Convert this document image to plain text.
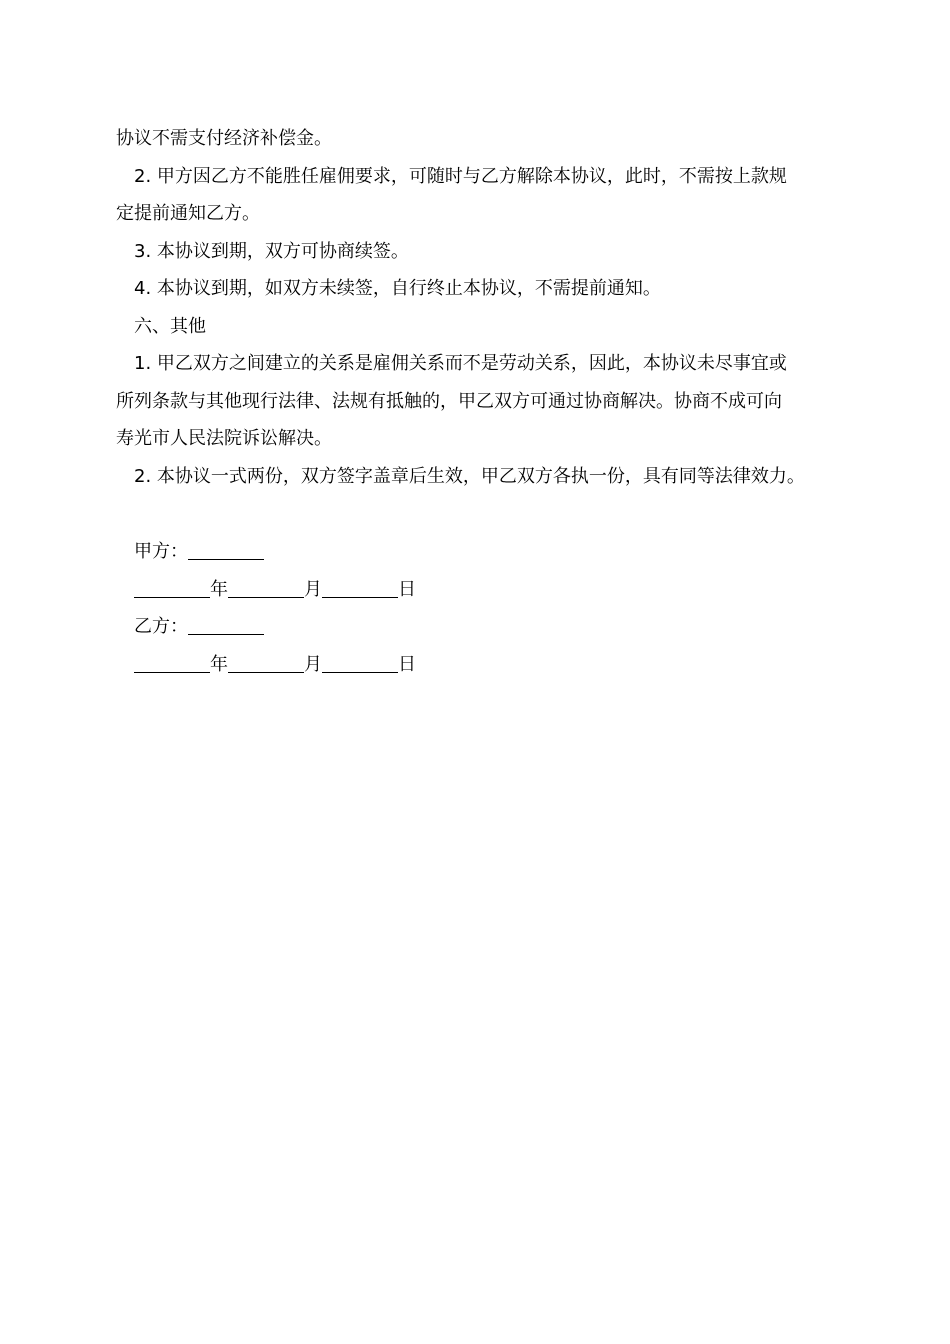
协议不需支付经济补偿金。
2. 甲方因乙方不能胜任雇佣要求，可随时与乙方解除本协议，此时，不需按上款规
定提前通知乙方。
3. 本协议到期，双方可协商续签。
4. 本协议到期，如双方未续签，自行终止本协议，不需提前通知。
六、其他
1. 甲乙双方之间建立的关系是雇佣关系而不是劳动关系，因此，本协议未尽事宜或
所列条款与其他现行法律、法规有抵触的，甲乙双方可通过协商解决。协商不成可向
寿光市人民法院诉讼解决。
2. 本协议一式两份，双方签字盖章后生效，甲乙双方各执一份，具有同等法律效力。
甲方：
年	月	日
乙方：
年	月	日
